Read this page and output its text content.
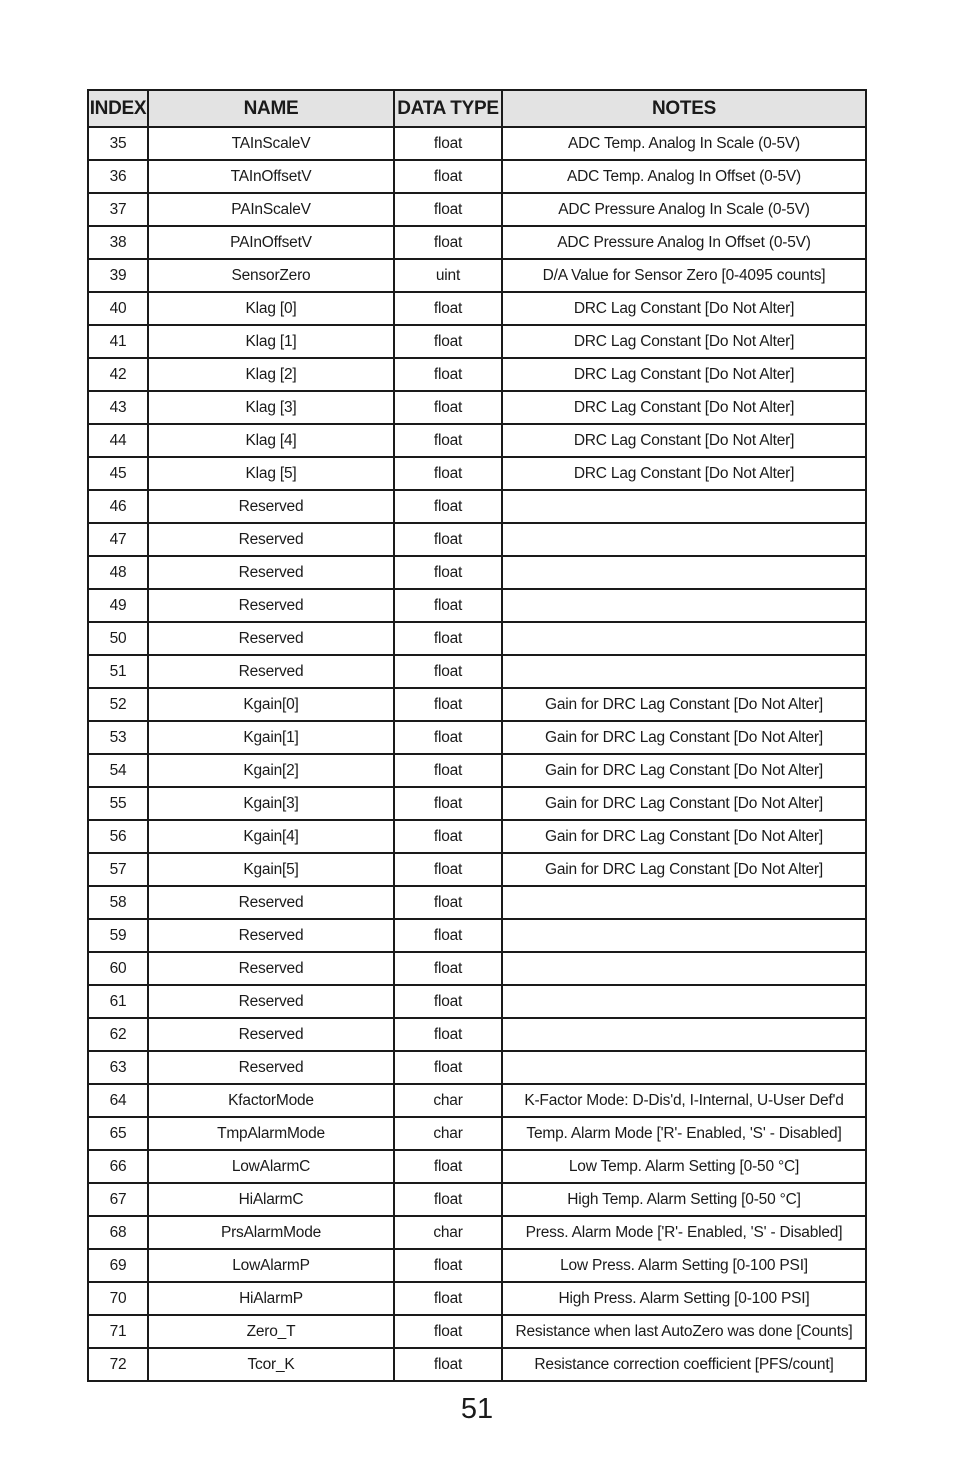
INDEX	NAME	DATA TYPE	NOTES
35	TAInScaleV	float	ADC Temp. Analog In Scale (0-5V)
36	TAInOffsetV	float	ADC Temp. Analog In Offset (0-5V)
37	PAInScaleV	float	ADC Pressure Analog In Scale (0-5V)
38	PAInOffsetV	float	ADC Pressure Analog In Offset (0-5V)
39	SensorZero	uint	D/A Value for Sensor Zero [0-4095 counts]
40	Klag [0]	float	DRC Lag Constant [Do Not Alter]
41	Klag [1]	float	DRC Lag Constant [Do Not Alter]
42	Klag [2]	float	DRC Lag Constant [Do Not Alter]
43	Klag [3]	float	DRC Lag Constant [Do Not Alter]
44	Klag [4]	float	DRC Lag Constant [Do Not Alter]
45	Klag [5]	float	DRC Lag Constant [Do Not Alter]
46	Reserved	float	
47	Reserved	float	
48	Reserved	float	
49	Reserved	float	
50	Reserved	float	
51	Reserved	float	
52	Kgain[0]	float	Gain for DRC Lag Constant [Do Not Alter]
53	Kgain[1]	float	Gain for DRC Lag Constant [Do Not Alter]
54	Kgain[2]	float	Gain for DRC Lag Constant [Do Not Alter]
55	Kgain[3]	float	Gain for DRC Lag Constant [Do Not Alter]
56	Kgain[4]	float	Gain for DRC Lag Constant [Do Not Alter]
57	Kgain[5]	float	Gain for DRC Lag Constant [Do Not Alter]
58	Reserved	float	
59	Reserved	float	
60	Reserved	float	
61	Reserved	float	
62	Reserved	float	
63	Reserved	float	
64	KfactorMode	char	K-Factor Mode: D-Dis'd, I-Internal, U-User Def'd
65	TmpAlarmMode	char	Temp. Alarm Mode ['R'- Enabled, 'S' - Disabled]
66	LowAlarmC	float	Low Temp. Alarm Setting [0-50 °C]
67	HiAlarmC	float	High Temp. Alarm Setting [0-50 °C]
68	PrsAlarmMode	char	Press. Alarm Mode ['R'- Enabled, 'S' - Disabled]
69	LowAlarmP	float	Low Press. Alarm Setting [0-100 PSI]
70	HiAlarmP	float	High Press. Alarm Setting [0-100 PSI]
71	Zero_T	float	Resistance when last AutoZero was done [Counts]
72	Tcor_K	float	Resistance correction coefficient [PFS/count]
51
